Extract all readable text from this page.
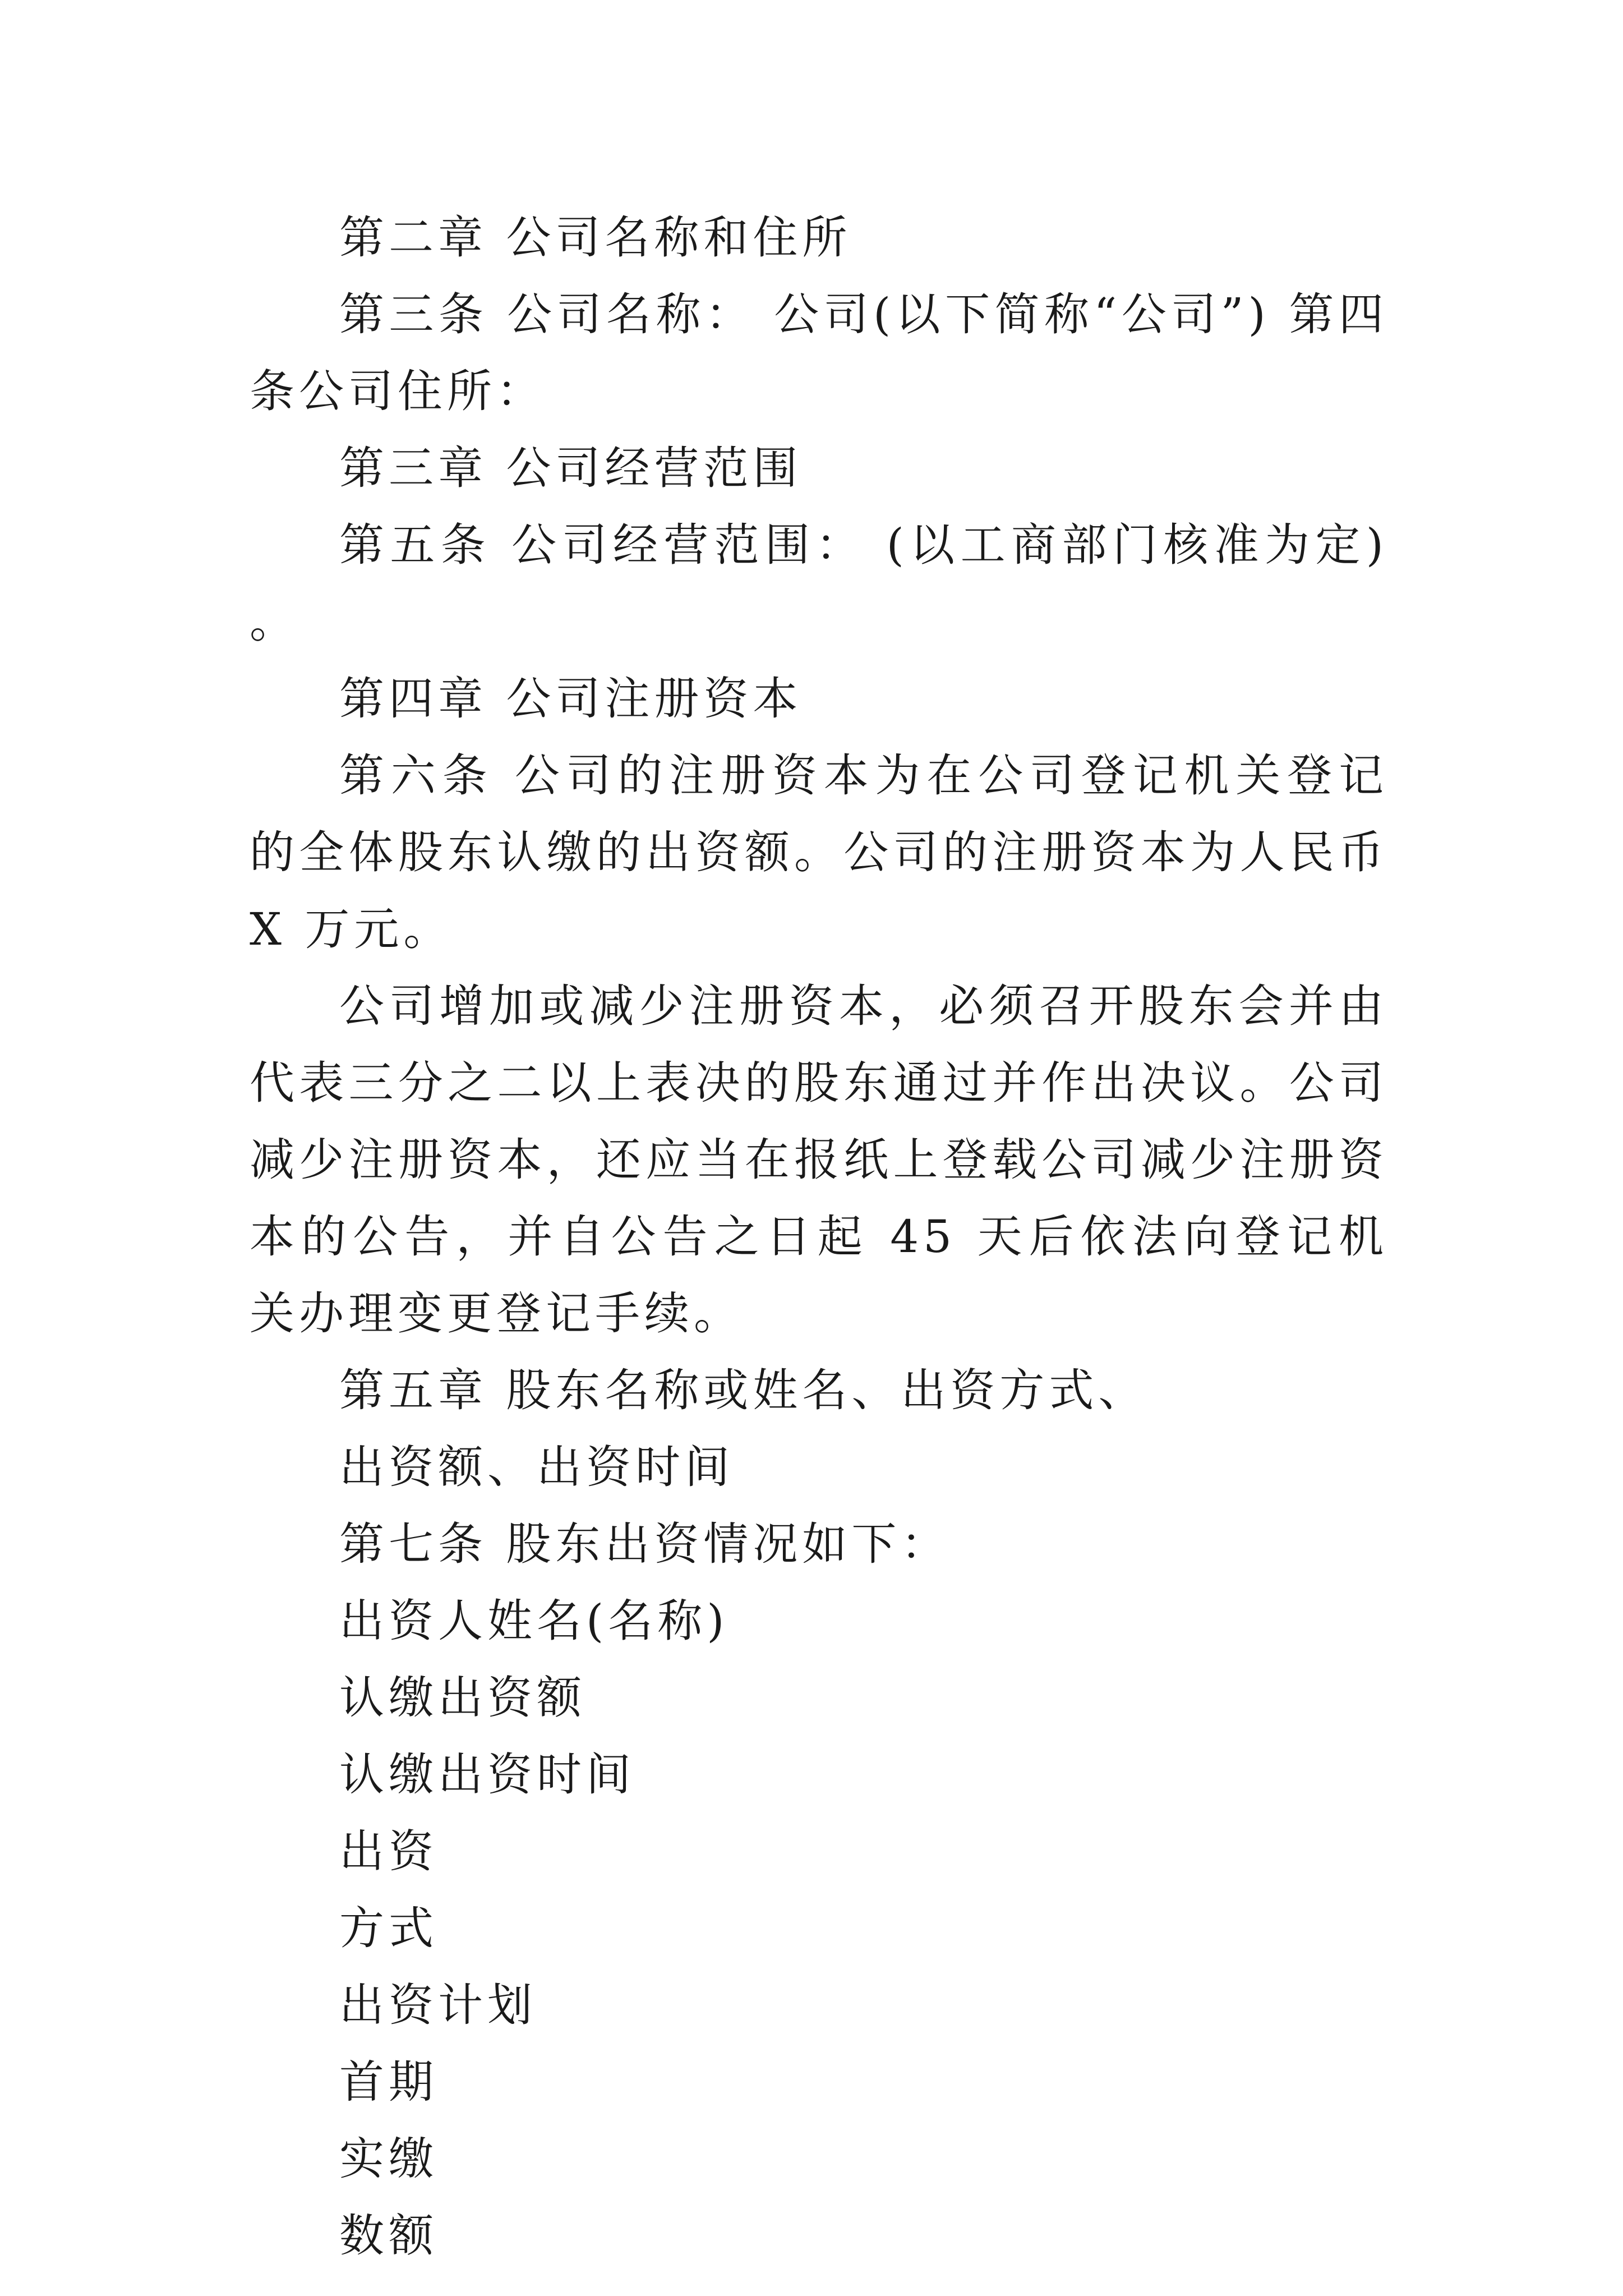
第二章 公司名称和住所

第三条 公司名称： 公司(以下简称“公司”) 第四条公司住所：

第三章 公司经营范围

第五条 公司经营范围： (以工商部门核准为定) 。

第四章 公司注册资本

第六条 公司的注册资本为在公司登记机关登记的全体股东认缴的出资额。公司的注册资本为人民币 X 万元。

公司增加或减少注册资本，必须召开股东会并由代表三分之二以上表决的股东通过并作出决议。公司减少注册资本，还应当在报纸上登载公司减少注册资本的公告，并自公告之日起 45 天后依法向登记机关办理变更登记手续。

第五章 股东名称或姓名、出资方式、

出资额、出资时间

第七条 股东出资情况如下：

出资人姓名(名称)

认缴出资额

认缴出资时间

出资

方式

出资计划

首期

实缴

数额
